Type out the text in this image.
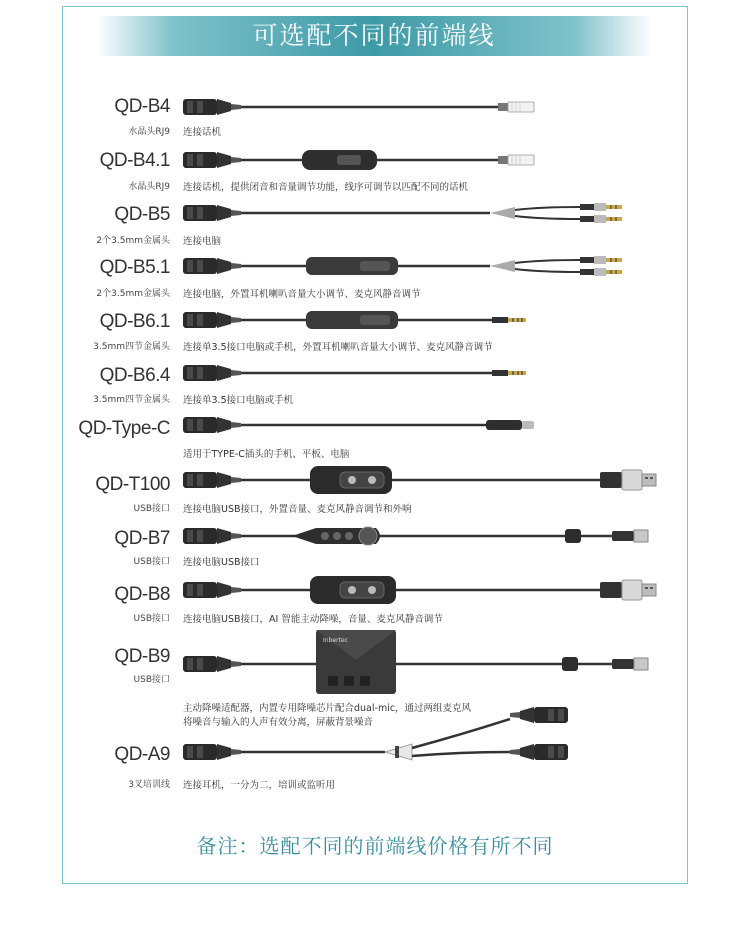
可选配不同的前端线
Inbertec
QD-B4
水晶头RJ9 连接话机
QD-B4.1
水晶头RJ9 连接话机，提供闭音和音量调节功能，线序可调节以匹配不同的话机
QD-B5
2个3.5mm金属头 连接电脑
QD-B5.1
2个3.5mm金属头 连接电脑，外置耳机喇叭音量大小调节、麦克风静音调节
QD-B6.1
3.5mm四节金属头 连接单3.5接口电脑或手机，外置耳机喇叭音量大小调节、麦克风静音调节
QD-B6.4
3.5mm四节金属头 连接单3.5接口电脑或手机
QD-Type-C
适用于TYPE-C插头的手机、平板、电脑
QD-T100
USB接口 连接电脑USB接口，外置音量、麦克风静音调节和外响
QD-B7
USB接口 连接电脑USB接口
QD-B8
USB接口 连接电脑USB接口，AI 智能主动降噪，音量、麦克风静音调节
QD-B9
USB接口
主动降噪适配器，内置专用降噪芯片配合dual-mic，通过两组麦克风
将噪音与输入的人声有效分离，屏蔽背景噪音
QD-A9
3叉培训线 连接耳机，一分为二，培训或监听用
备注：选配不同的前端线价格有所不同
